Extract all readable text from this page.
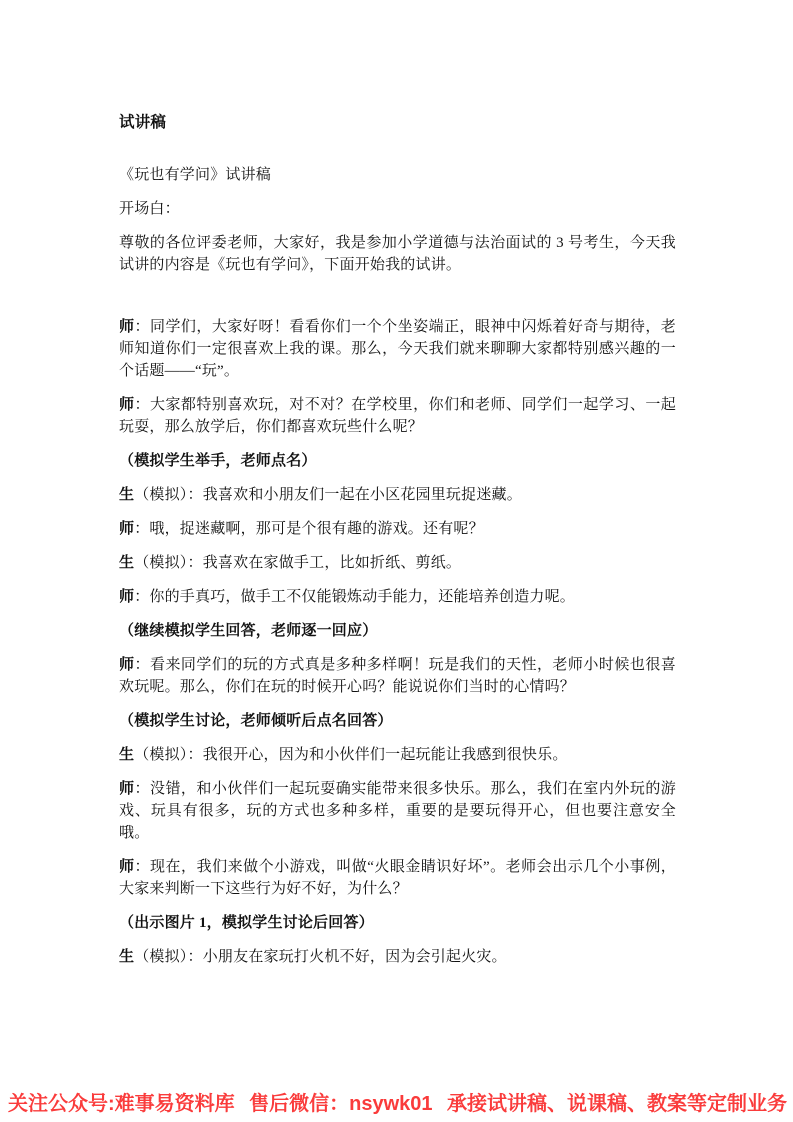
试讲稿

《玩也有学问》试讲稿

开场白：

尊敬的各位评委老师，大家好，我是参加小学道德与法治面试的 3 号考生，今天我试讲的内容是《玩也有学问》，下面开始我的试讲。

师：同学们，大家好呀！看看你们一个个坐姿端正，眼神中闪烁着好奇与期待，老师知道你们一定很喜欢上我的课。那么，今天我们就来聊聊大家都特别感兴趣的一个话题——“玩”。

师：大家都特别喜欢玩，对不对？在学校里，你们和老师、同学们一起学习、一起玩耍，那么放学后，你们都喜欢玩些什么呢？

（模拟学生举手，老师点名）

生（模拟）：我喜欢和小朋友们一起在小区花园里玩捉迷藏。

师：哦，捉迷藏啊，那可是个很有趣的游戏。还有呢？

生（模拟）：我喜欢在家做手工，比如折纸、剪纸。

师：你的手真巧，做手工不仅能锻炼动手能力，还能培养创造力呢。

（继续模拟学生回答，老师逐一回应）

师：看来同学们的玩的方式真是多种多样啊！玩是我们的天性，老师小时候也很喜欢玩呢。那么，你们在玩的时候开心吗？能说说你们当时的心情吗？

（模拟学生讨论，老师倾听后点名回答）

生（模拟）：我很开心，因为和小伙伴们一起玩能让我感到很快乐。

师：没错，和小伙伴们一起玩耍确实能带来很多快乐。那么，我们在室内外玩的游戏、玩具有很多，玩的方式也多种多样，重要的是要玩得开心，但也要注意安全哦。

师：现在，我们来做个小游戏，叫做“火眼金睛识好坏”。老师会出示几个小事例，大家来判断一下这些行为好不好，为什么？

（出示图片 1，模拟学生讨论后回答）

生（模拟）：小朋友在家玩打火机不好，因为会引起火灾。

关注公众号:难事易资料库 售后微信：nsywk01 承接试讲稿、说课稿、教案等定制业务
